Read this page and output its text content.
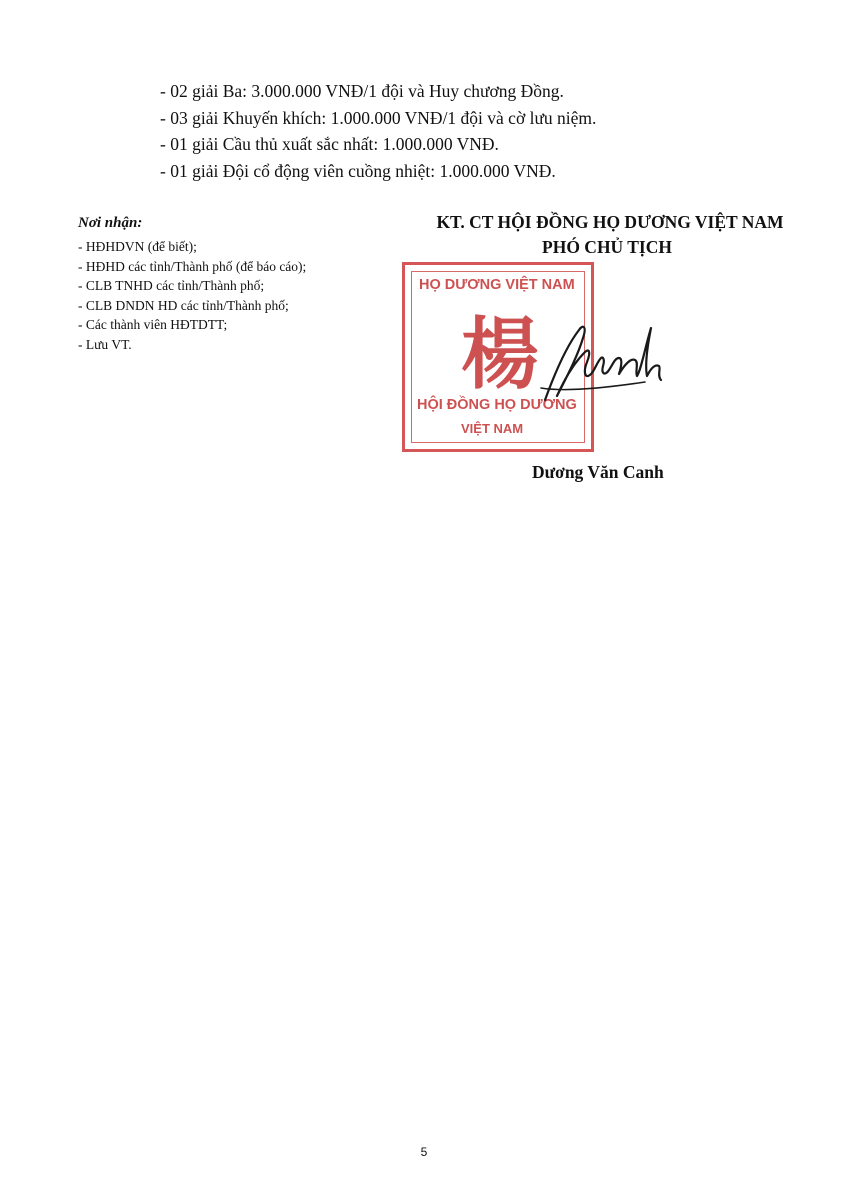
- 02 giải Ba: 3.000.000 VNĐ/1 đội và Huy chương Đồng.
- 03 giải Khuyến khích: 1.000.000 VNĐ/1 đội và cờ lưu niệm.
- 01 giải Cầu thủ xuất sắc nhất: 1.000.000 VNĐ.
- 01 giải Đội cổ động viên cuồng nhiệt: 1.000.000 VNĐ.
Nơi nhận:
- HĐHDVN (để biết);
- HĐHD các tỉnh/Thành phố (để báo cáo);
- CLB TNHD các tỉnh/Thành phố;
- CLB DNDN HD các tỉnh/Thành phố;
- Các thành viên HĐTDTT;
- Lưu VT.
KT. CT HỘI ĐỒNG HỌ DƯƠNG VIỆT NAM
PHÓ CHỦ TỊCH
HỌ DƯƠNG VIỆT NAM
楊
HỘI ĐỒNG HỌ DƯƠNG
VIỆT NAM
Dương Văn Canh
5
